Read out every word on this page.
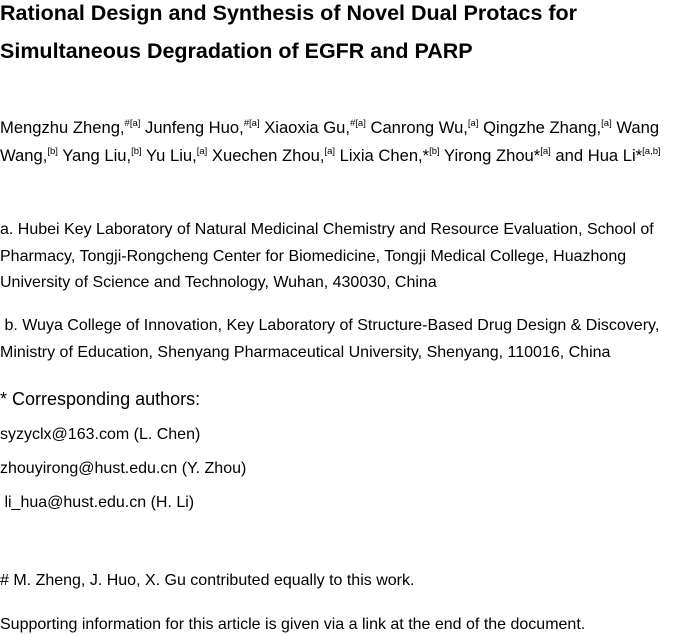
Rational Design and Synthesis of Novel Dual Protacs for
Simultaneous Degradation of EGFR and PARP
Mengzhu Zheng,$^{\#[a]}$ Junfeng Huo,$^{\#[a]}$ Xiaoxia Gu,$^{\#[a]}$ Canrong Wu,[a] Qingzhe Zhang,[a] Wang
Wang,[b] Yang Liu,[b] Yu Liu,[a] Xuechen Zhou,[a] Lixia Chen,*[b] Yirong Zhou*[a] and Hua Li*[a,b]
a. Hubei Key Laboratory of Natural Medicinal Chemistry and Resource Evaluation, School of
Pharmacy, Tongji-Rongcheng Center for Biomedicine, Tongji Medical College, Huazhong
University of Science and Technology, Wuhan, 430030, China
b. Wuya College of Innovation, Key Laboratory of Structure-Based Drug Design & Discovery,
Ministry of Education, Shenyang Pharmaceutical University, Shenyang, 110016, China
* Corresponding authors:
syzyclx@163.com (L. Chen)
zhouyirong@hust.edu.cn (Y. Zhou)
li_hua@hust.edu.cn (H. Li)
# M. Zheng, J. Huo, X. Gu contributed equally to this work.
Supporting information for this article is given via a link at the end of the document.
